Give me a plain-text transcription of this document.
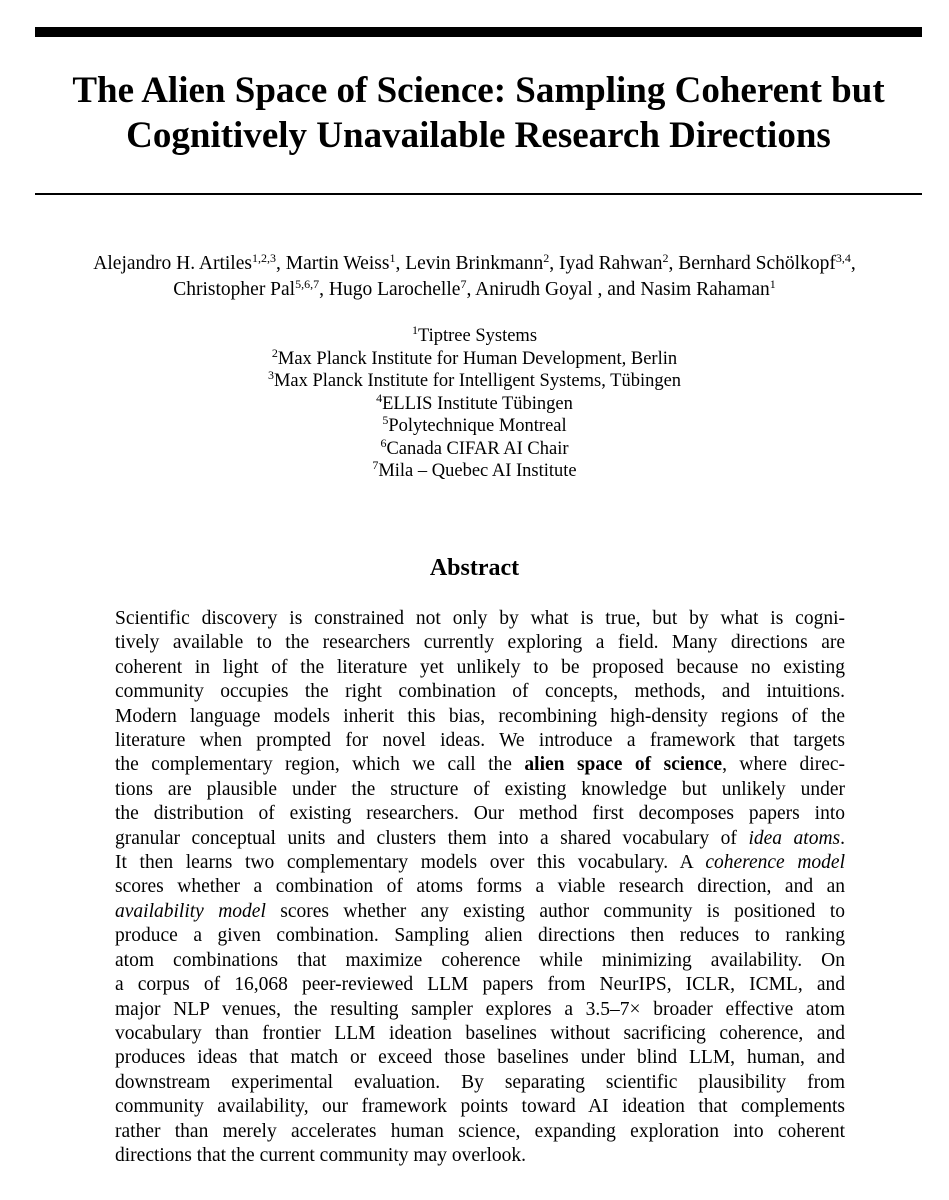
The Alien Space of Science: Sampling Coherent but
Cognitively Unavailable Research Directions
Alejandro H. Artiles$^{1,2,3}$, Martin Weiss$^1$, Levin Brinkmann$^2$, Iyad Rahwan$^2$, Bernhard Schölkopf$^{3,4}$,
Christopher Pal$^{5,6,7}$, Hugo Larochelle$^7$, Anirudh Goyal , and Nasim Rahaman$^1$
$^1$Tiptree Systems
$^2$Max Planck Institute for Human Development, Berlin
$^3$Max Planck Institute for Intelligent Systems, Tübingen
$^4$ELLIS Institute Tübingen
$^5$Polytechnique Montreal
$^6$Canada CIFAR AI Chair
$^7$Mila – Quebec AI Institute
Abstract
Scientific discovery is constrained not only by what is true, but by what is cogni-
tively available to the researchers currently exploring a field. Many directions are
coherent in light of the literature yet unlikely to be proposed because no existing
community occupies the right combination of concepts, methods, and intuitions.
Modern language models inherit this bias, recombining high-density regions of the
literature when prompted for novel ideas. We introduce a framework that targets
the complementary region, which we call the alien space of science, where direc-
tions are plausible under the structure of existing knowledge but unlikely under
the distribution of existing researchers. Our method first decomposes papers into
granular conceptual units and clusters them into a shared vocabulary of idea atoms.
It then learns two complementary models over this vocabulary. A coherence model
scores whether a combination of atoms forms a viable research direction, and an
availability model scores whether any existing author community is positioned to
produce a given combination. Sampling alien directions then reduces to ranking
atom combinations that maximize coherence while minimizing availability. On
a corpus of 16,068 peer-reviewed LLM papers from NeurIPS, ICLR, ICML, and
major NLP venues, the resulting sampler explores a 3.5–7× broader effective atom
vocabulary than frontier LLM ideation baselines without sacrificing coherence, and
produces ideas that match or exceed those baselines under blind LLM, human, and
downstream experimental evaluation. By separating scientific plausibility from
community availability, our framework points toward AI ideation that complements
rather than merely accelerates human science, expanding exploration into coherent
directions that the current community may overlook.
